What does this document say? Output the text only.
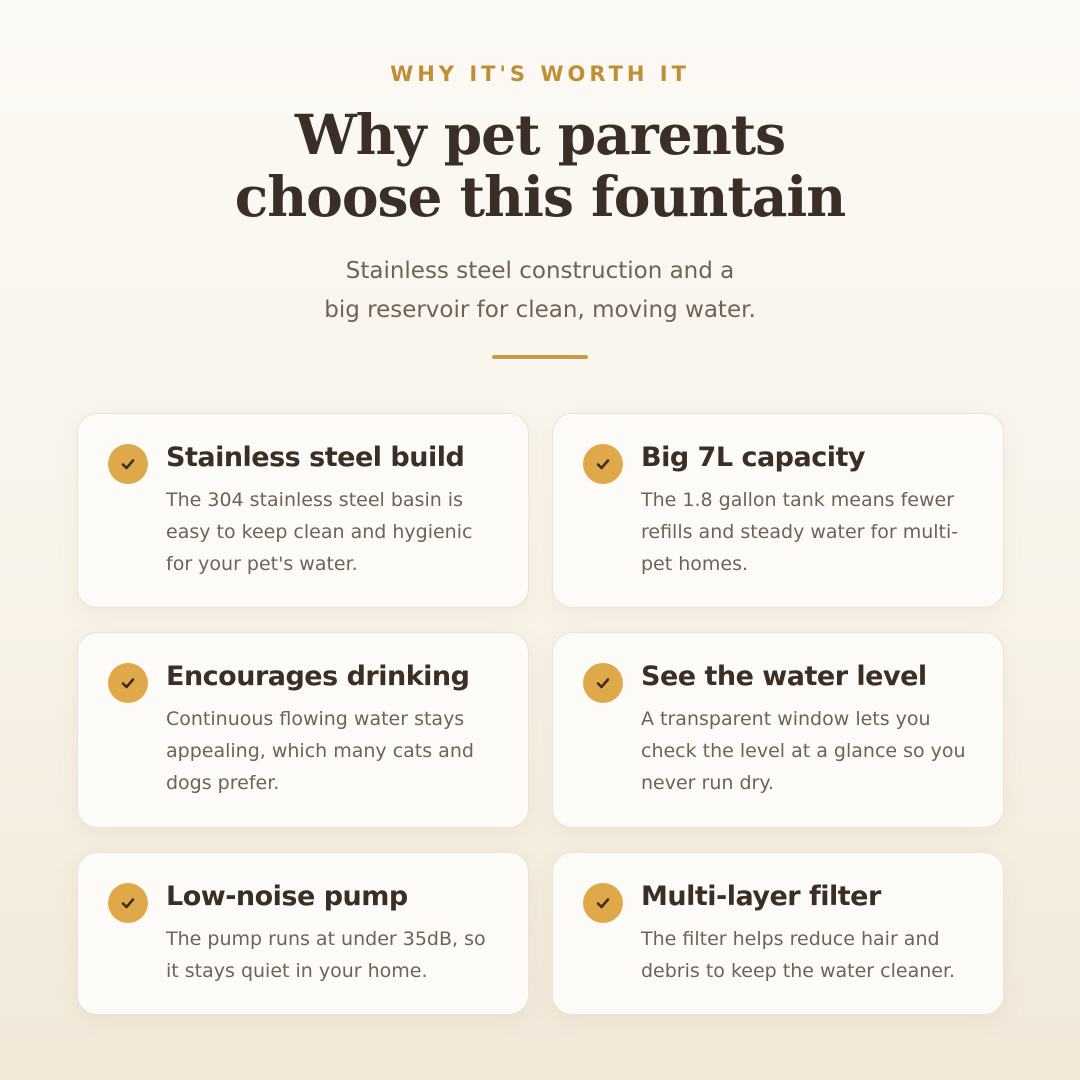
WHY IT'S WORTH IT
Why pet parents
choose this fountain

Stainless steel construction and a
big reservoir for clean, moving water.

Stainless steel build
The 304 stainless steel basin is easy to keep clean and hygienic for your pet's water.
Big 7L capacity
The 1.8 gallon tank means fewer refills and steady water for multi-pet homes.
Encourages drinking
Continuous flowing water stays appealing, which many cats and dogs prefer.
See the water level
A transparent window lets you check the level at a glance so you never run dry.
Low-noise pump
The pump runs at under 35dB, so it stays quiet in your home.
Multi-layer filter
The filter helps reduce hair and debris to keep the water cleaner.
